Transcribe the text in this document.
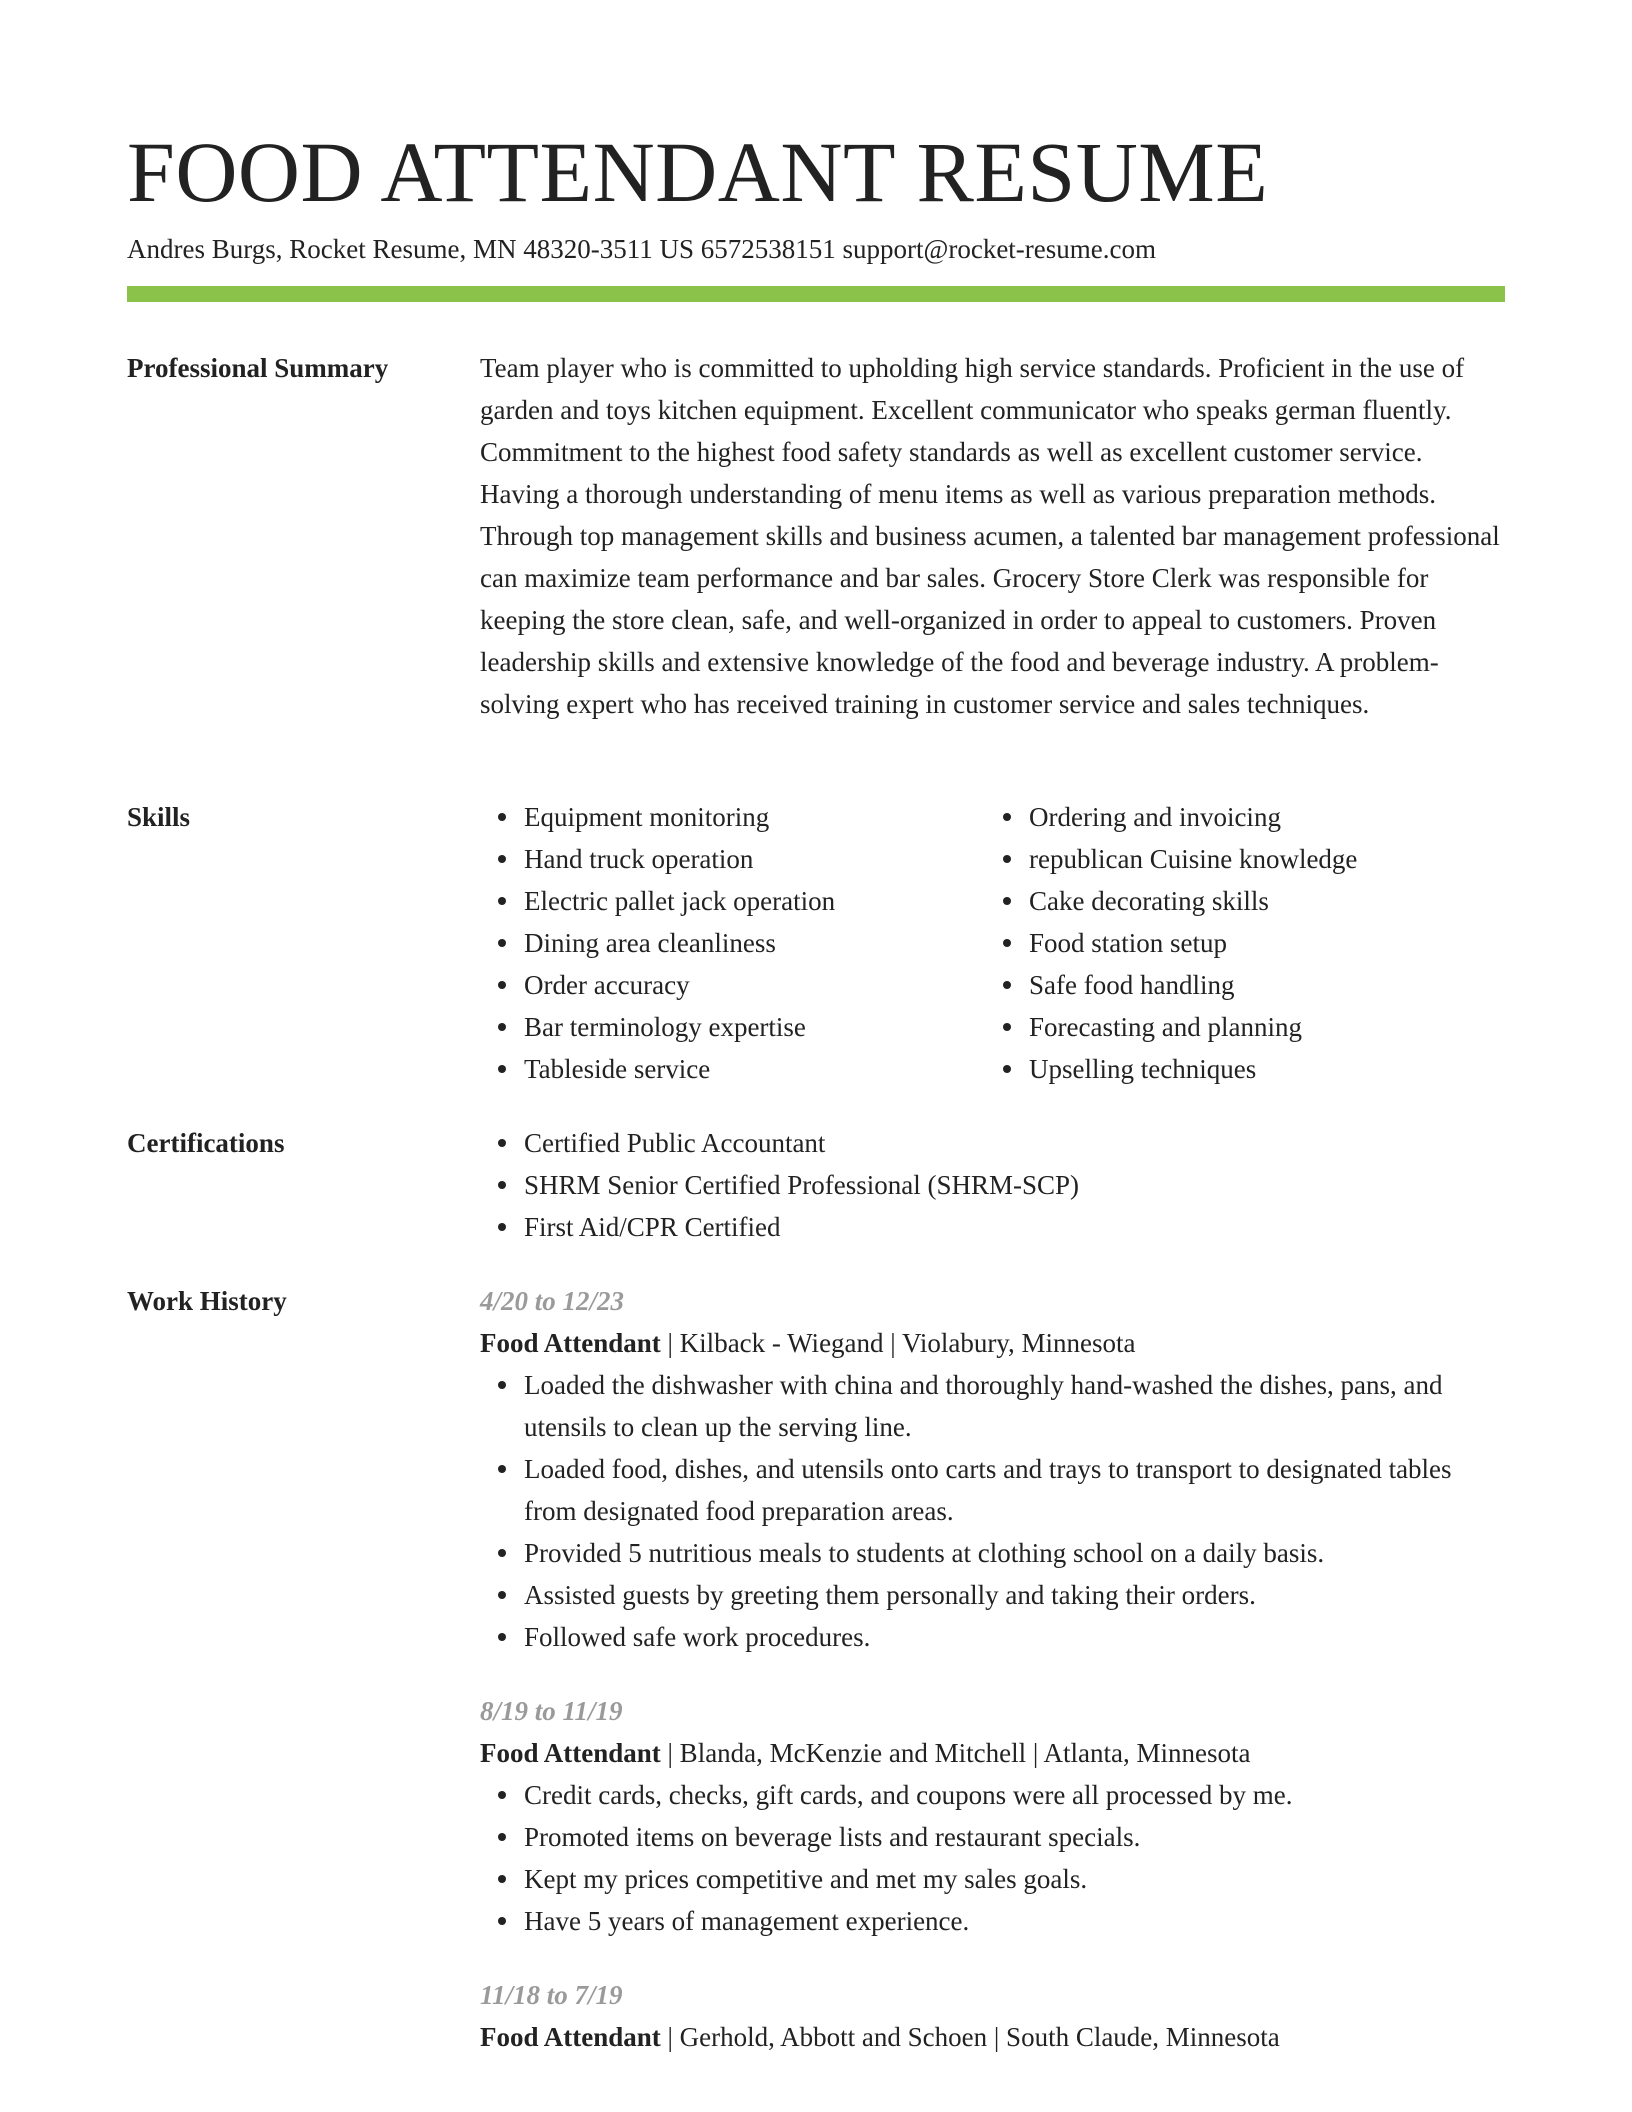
FOOD ATTENDANT RESUME
Andres Burgs, Rocket Resume, MN 48320-3511 US 6572538151 support@rocket-resume.com
Professional Summary	Team player who is committed to upholding high service standards. Proficient in the use of garden and toys kitchen equipment. Excellent communicator who speaks german fluently. Commitment to the highest food safety standards as well as excellent customer service. Having a thorough understanding of menu items as well as various preparation methods. Through top management skills and business acumen, a talented bar management professional can maximize team performance and bar sales. Grocery Store Clerk was responsible for keeping the store clean, safe, and well-organized in order to appeal to customers. Proven leadership skills and extensive knowledge of the food and beverage industry. A problem-solving expert who has received training in customer service and sales techniques.

Skills	Equipment monitoring
Hand truck operation
Electric pallet jack operation
Dining area cleanliness
Order accuracy
Bar terminology expertise
Tableside service
Ordering and invoicing
republican Cuisine knowledge
Cake decorating skills
Food station setup
Safe food handling
Forecasting and planning
Upselling techniques
Certifications	Certified Public Accountant
SHRM Senior Certified Professional (SHRM-SCP)
First Aid/CPR Certified
Work History	4/20 to 12/23
Food Attendant | Kilback - Wiegand | Violabury, Minnesota
Loaded the dishwasher with china and thoroughly hand-washed the dishes, pans, and utensils to clean up the serving line.
Loaded food, dishes, and utensils onto carts and trays to transport to designated tables from designated food preparation areas.
Provided 5 nutritious meals to students at clothing school on a daily basis.
Assisted guests by greeting them personally and taking their orders.
Followed safe work procedures.
8/19 to 11/19
Food Attendant | Blanda, McKenzie and Mitchell | Atlanta, Minnesota
Credit cards, checks, gift cards, and coupons were all processed by me.
Promoted items on beverage lists and restaurant specials.
Kept my prices competitive and met my sales goals.
Have 5 years of management experience.
11/18 to 7/19
Food Attendant | Gerhold, Abbott and Schoen | South Claude, Minnesota
